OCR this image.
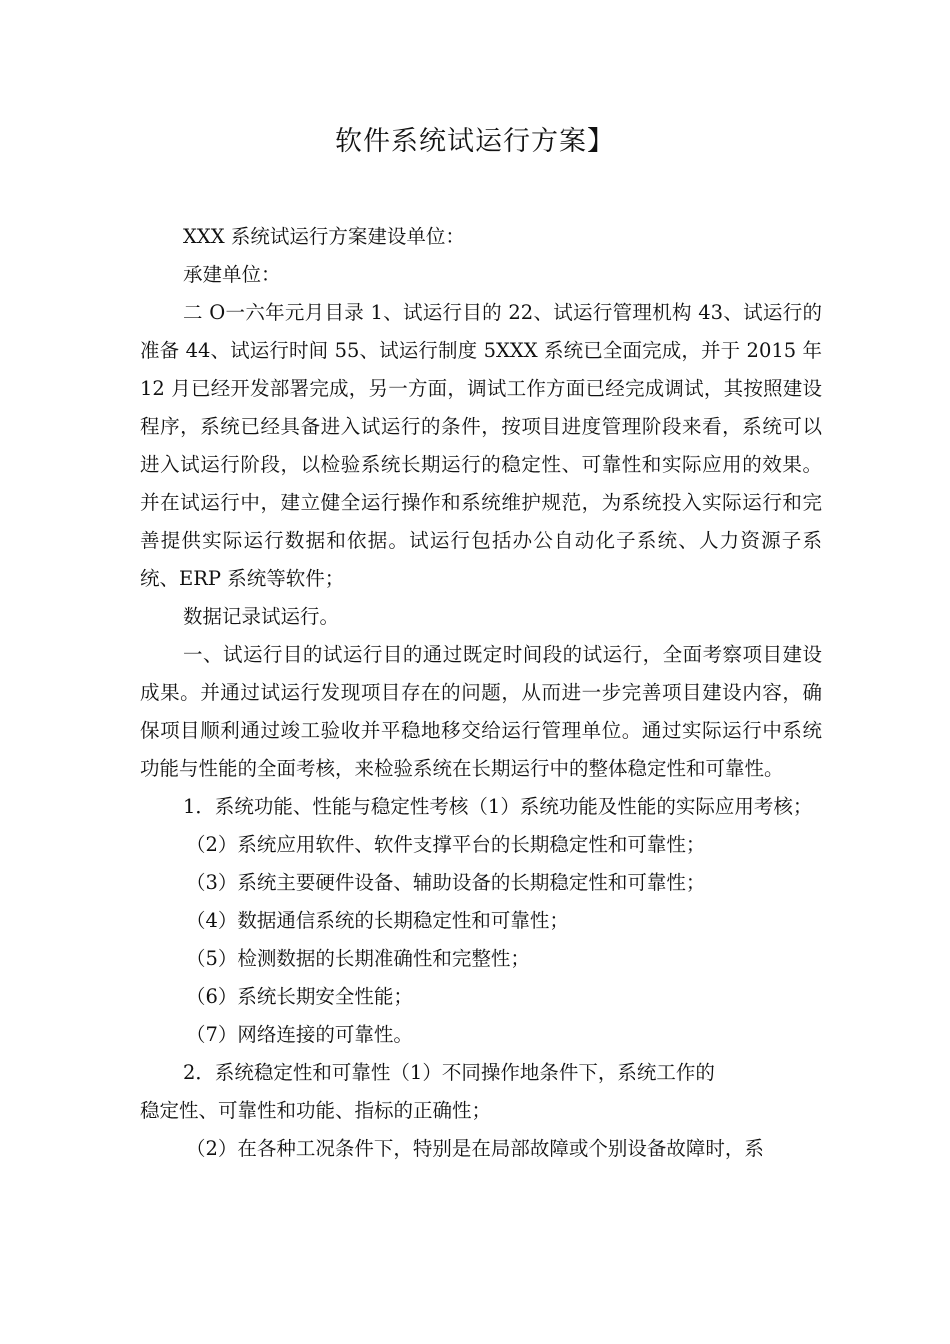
软件系统试运行方案】

XXX 系统试运行方案建设单位：

承建单位：

二 O一六年元月目录 1、试运行目的 22、试运行管理机构 43、试运行的准备 44、试运行时间 55、试运行制度 5XXX 系统已全面完成，并于 2015 年 12 月已经开发部署完成，另一方面，调试工作方面已经完成调试，其按照建设程序，系统已经具备进入试运行的条件，按项目进度管理阶段来看，系统可以进入试运行阶段，以检验系统长期运行的稳定性、可靠性和实际应用的效果。并在试运行中，建立健全运行操作和系统维护规范，为系统投入实际运行和完善提供实际运行数据和依据。试运行包括办公自动化子系统、人力资源子系统、ERP 系统等软件；

数据记录试运行。

一、试运行目的试运行目的通过既定时间段的试运行，全面考察项目建设成果。并通过试运行发现项目存在的问题，从而进一步完善项目建设内容，确保项目顺利通过竣工验收并平稳地移交给运行管理单位。通过实际运行中系统功能与性能的全面考核，来检验系统在长期运行中的整体稳定性和可靠性。

1．系统功能、性能与稳定性考核（1）系统功能及性能的实际应用考核；

（2）系统应用软件、软件支撑平台的长期稳定性和可靠性；

（3）系统主要硬件设备、辅助设备的长期稳定性和可靠性；

（4）数据通信系统的长期稳定性和可靠性；

（5）检测数据的长期准确性和完整性；

（6）系统长期安全性能；

（7）网络连接的可靠性。

2．系统稳定性和可靠性（1）不同操作地条件下，系统工作的

稳定性、可靠性和功能、指标的正确性；

（2）在各种工况条件下，特别是在局部故障或个别设备故障时，系
